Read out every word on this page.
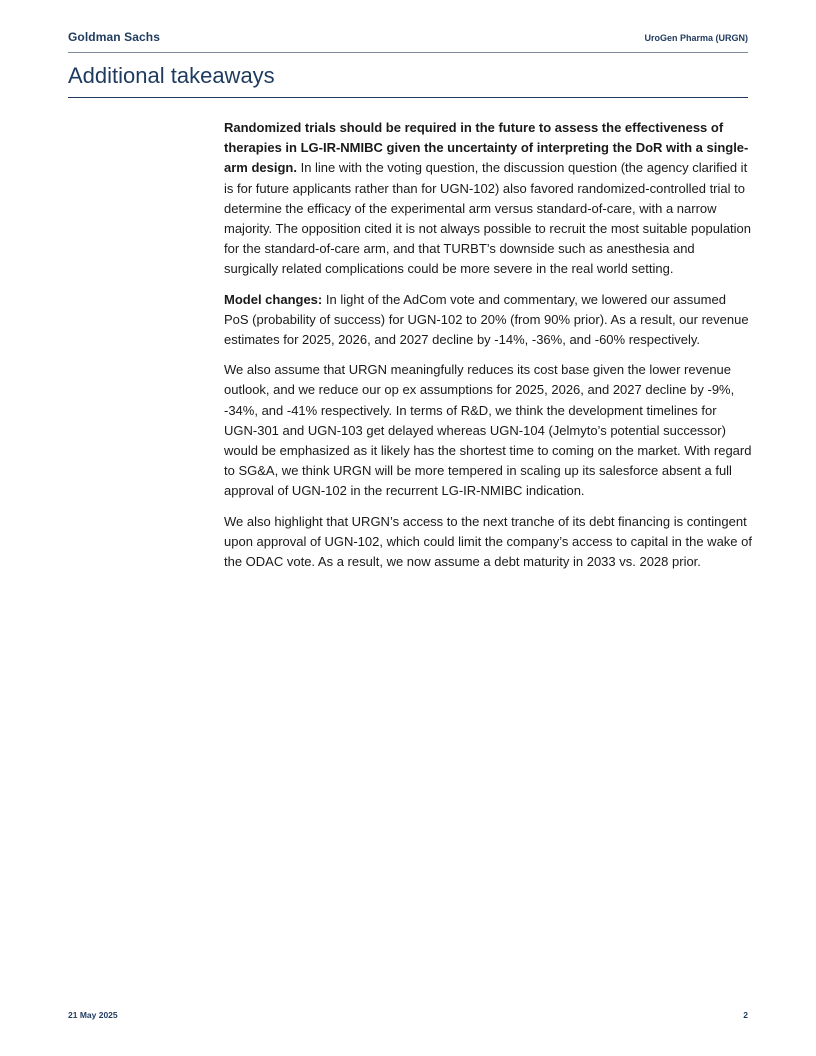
Goldman Sachs	UroGen Pharma (URGN)
Additional takeaways

Randomized trials should be required in the future to assess the effectiveness of therapies in LG-IR-NMIBC given the uncertainty of interpreting the DoR with a single-arm design. In line with the voting question, the discussion question (the agency clarified it is for future applicants rather than for UGN-102) also favored randomized-controlled trial to determine the efficacy of the experimental arm versus standard-of-care, with a narrow majority. The opposition cited it is not always possible to recruit the most suitable population for the standard-of-care arm, and that TURBT’s downside such as anesthesia and surgically related complications could be more severe in the real world setting.

Model changes: In light of the AdCom vote and commentary, we lowered our assumed PoS (probability of success) for UGN-102 to 20% (from 90% prior). As a result, our revenue estimates for 2025, 2026, and 2027 decline by -14%, -36%, and -60% respectively.

We also assume that URGN meaningfully reduces its cost base given the lower revenue outlook, and we reduce our op ex assumptions for 2025, 2026, and 2027 decline by -9%, -34%, and -41% respectively. In terms of R&D, we think the development timelines for UGN-301 and UGN-103 get delayed whereas UGN-104 (Jelmyto’s potential successor) would be emphasized as it likely has the shortest time to coming on the market. With regard to SG&A, we think URGN will be more tempered in scaling up its salesforce absent a full approval of UGN-102 in the recurrent LG-IR-NMIBC indication.

We also highlight that URGN’s access to the next tranche of its debt financing is contingent upon approval of UGN-102, which could limit the company’s access to capital in the wake of the ODAC vote. As a result, we now assume a debt maturity in 2033 vs. 2028 prior.

21 May 2025	2
